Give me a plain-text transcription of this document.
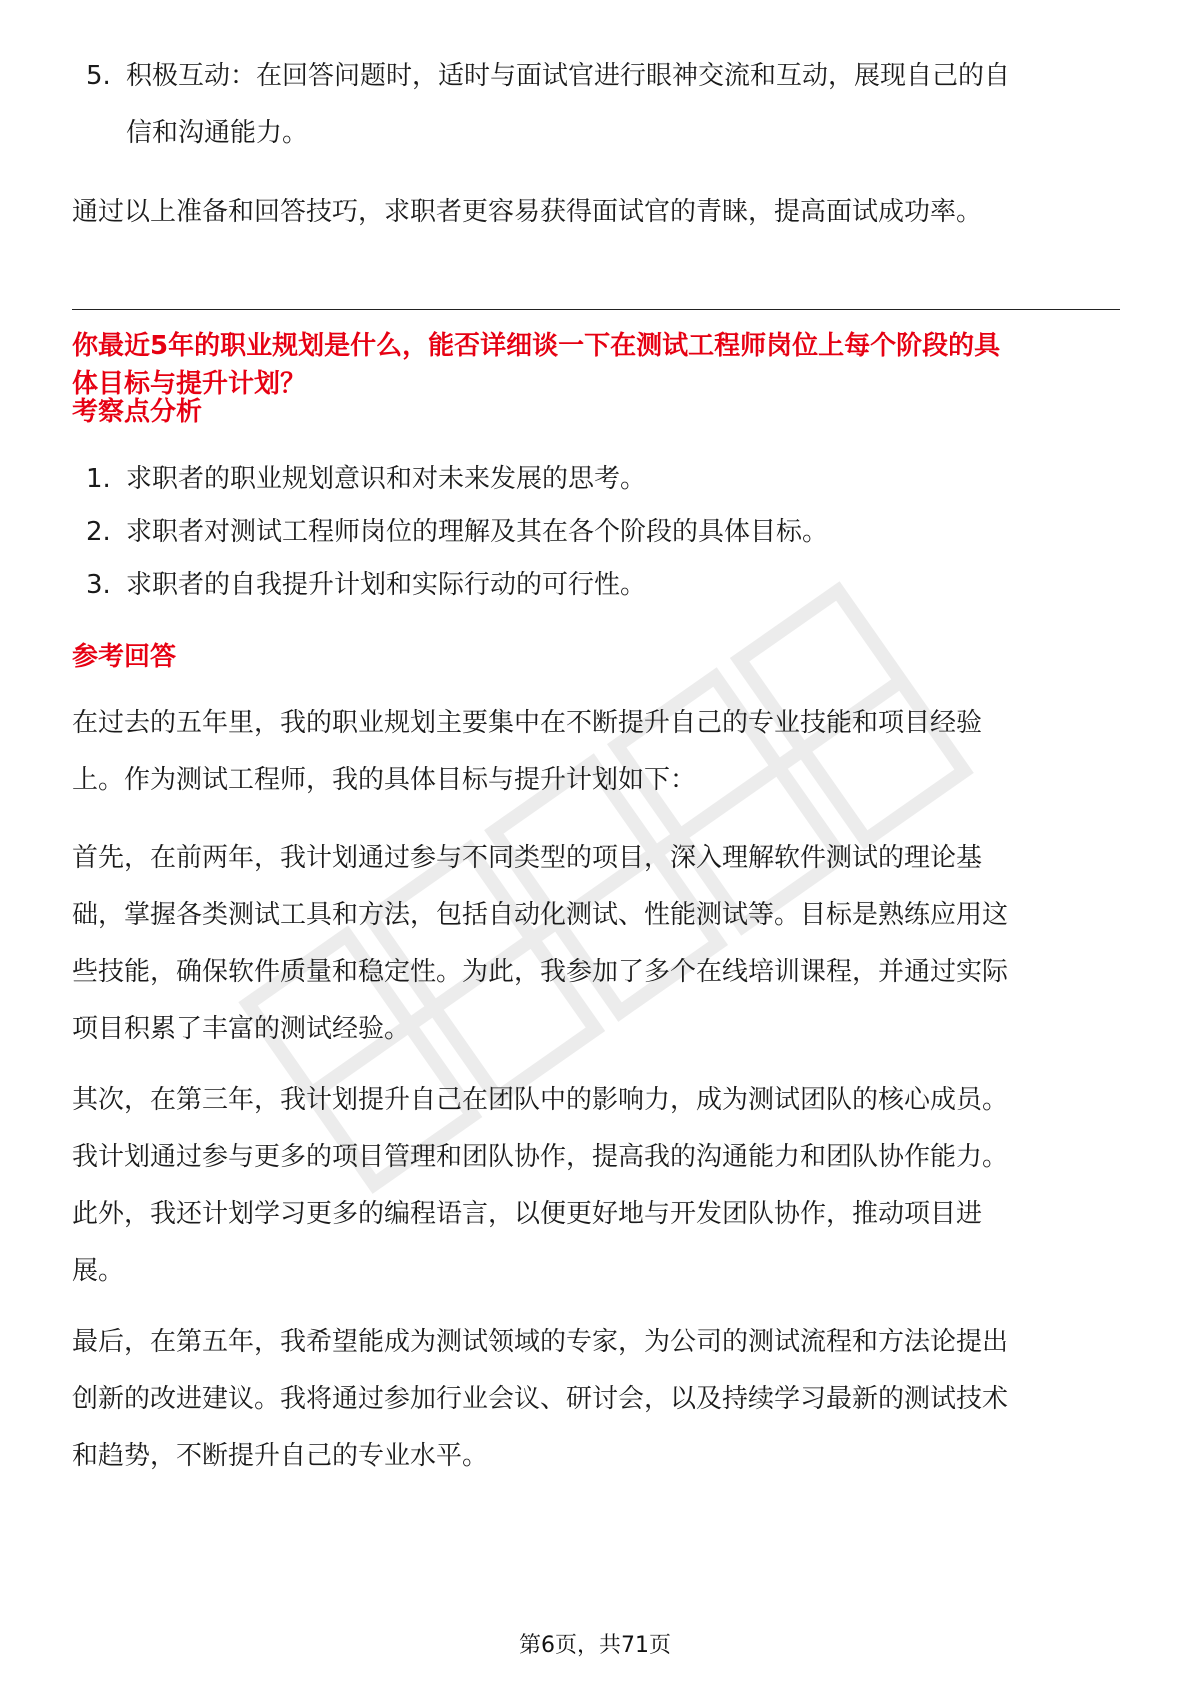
5. 积极互动：在回答问题时，适时与面试官进行眼神交流和互动，展现自己的自
信和沟通能力。

通过以上准备和回答技巧，求职者更容易获得面试官的青睐，提高面试成功率。

你最近5年的职业规划是什么，能否详细谈一下在测试工程师岗位上每个阶段的具
体目标与提升计划？

考察点分析

1. 求职者的职业规划意识和对未来发展的思考。

2. 求职者对测试工程师岗位的理解及其在各个阶段的具体目标。

3. 求职者的自我提升计划和实际行动的可行性。

参考回答

在过去的五年里，我的职业规划主要集中在不断提升自己的专业技能和项目经验
上。作为测试工程师，我的具体目标与提升计划如下：

首先，在前两年，我计划通过参与不同类型的项目，深入理解软件测试的理论基
础，掌握各类测试工具和方法，包括自动化测试、性能测试等。目标是熟练应用这
些技能，确保软件质量和稳定性。为此，我参加了多个在线培训课程，并通过实际
项目积累了丰富的测试经验。

其次，在第三年，我计划提升自己在团队中的影响力，成为测试团队的核心成员。
我计划通过参与更多的项目管理和团队协作，提高我的沟通能力和团队协作能力。
此外，我还计划学习更多的编程语言，以便更好地与开发团队协作，推动项目进
展。

最后，在第五年，我希望能成为测试领域的专家，为公司的测试流程和方法论提出
创新的改进建议。我将通过参加行业会议、研讨会，以及持续学习最新的测试技术
和趋势，不断提升自己的专业水平。

第6页，共71页
